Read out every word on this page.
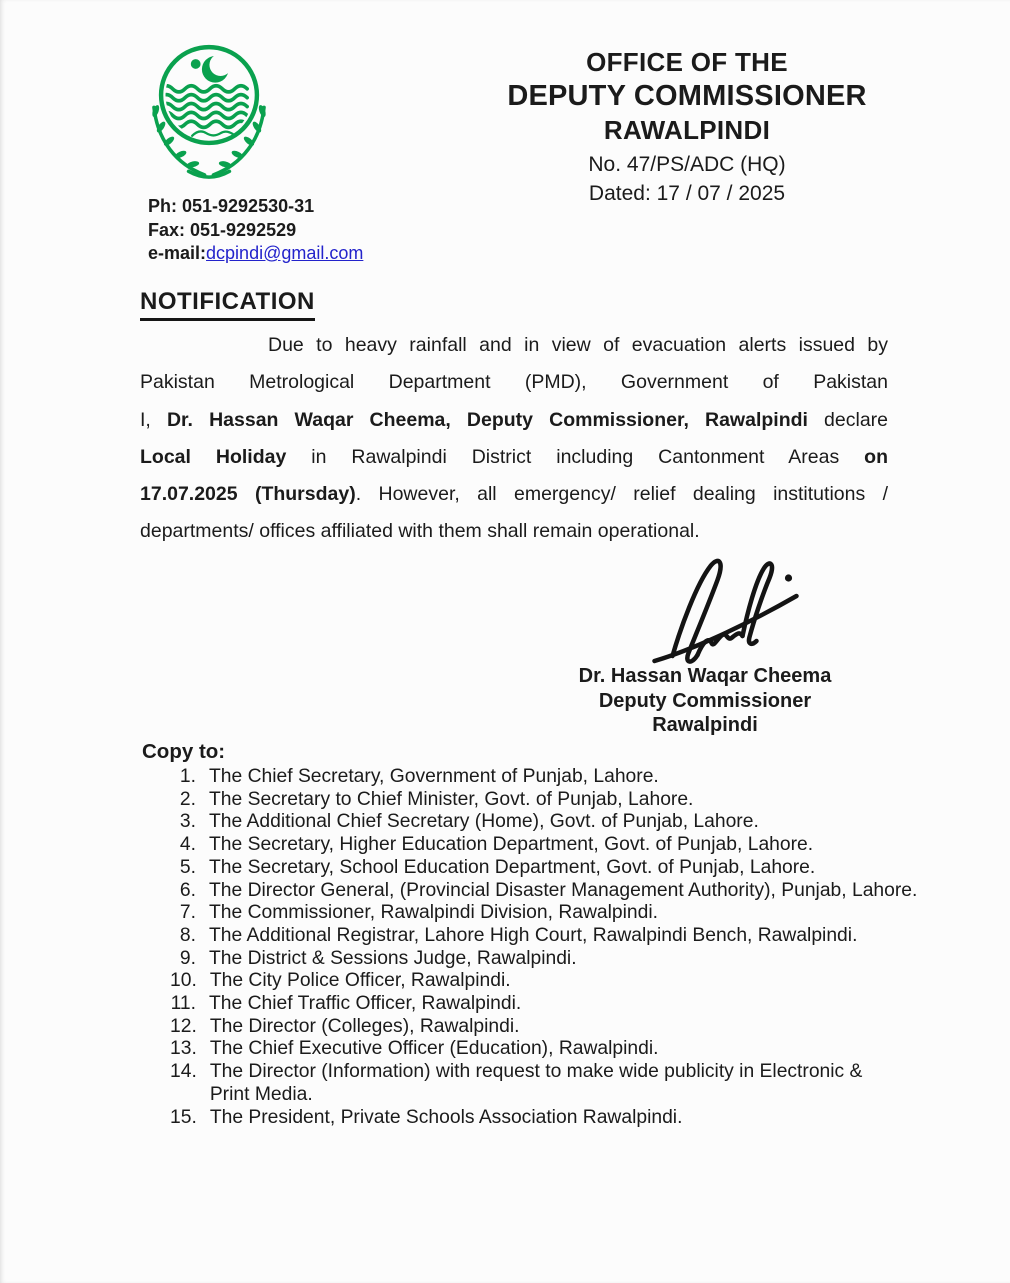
OFFICE OF THE
DEPUTY COMMISSIONER
RAWALPINDI
No. 47/PS/ADC (HQ)
Dated: 17 / 07 / 2025
Ph: 051-9292530-31
Fax: 051-9292529
e-mail:dcpindi@gmail.com
NOTIFICATION
Due to heavy rainfall and in view of evacuation alerts issued by
Pakistan Metrological Department (PMD), Government of Pakistan
I, Dr. Hassan Waqar Cheema, Deputy Commissioner, Rawalpindi declare
Local Holiday in Rawalpindi District including Cantonment Areas on
17.07.2025 (Thursday). However, all emergency/ relief dealing institutions /
departments/ offices affiliated with them shall remain operational.
Dr. Hassan Waqar Cheema
Deputy Commissioner
Rawalpindi
Copy to:
1. The Chief Secretary, Government of Punjab, Lahore.
2. The Secretary to Chief Minister, Govt. of Punjab, Lahore.
3. The Additional Chief Secretary (Home), Govt. of Punjab, Lahore.
4. The Secretary, Higher Education Department, Govt. of Punjab, Lahore.
5. The Secretary, School Education Department, Govt. of Punjab, Lahore.
6. The Director General, (Provincial Disaster Management Authority), Punjab, Lahore.
7. The Commissioner, Rawalpindi Division, Rawalpindi.
8. The Additional Registrar, Lahore High Court, Rawalpindi Bench, Rawalpindi.
9. The District & Sessions Judge, Rawalpindi.
10. The City Police Officer, Rawalpindi.
11. The Chief Traffic Officer, Rawalpindi.
12. The Director (Colleges), Rawalpindi.
13. The Chief Executive Officer (Education), Rawalpindi.
14. The Director (Information) with request to make wide publicity in Electronic &
Print Media.
15. The President, Private Schools Association Rawalpindi.
